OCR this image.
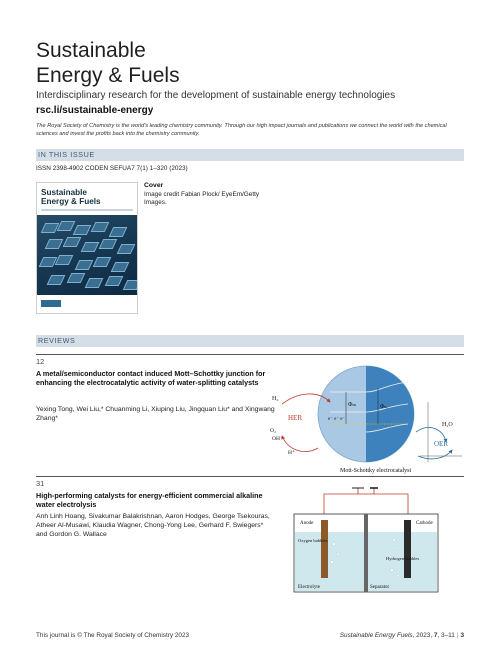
Sustainable
Energy & Fuels
Interdisciplinary research for the development of sustainable energy technologies
rsc.li/sustainable-energy
The Royal Society of Chemistry is the world's leading chemistry community. Through our high impact journals and publications we connect the world with the chemical sciences and invest the profits back into the chemistry community.
IN THIS ISSUE
ISSN 2398-4902 CODEN SEFUA7 7(1) 1–320 (2023)
Sustainable
Energy & Fuels
Cover
Image credit Fabian Plock/ EyeEm/Getty Images.
REVIEWS
12
A metal/semiconductor contact induced Mott–Schottky junction for enhancing the electrocatalytic activity of water-splitting catalysts
Yexing Tong, Wei Liu,* Chuanming Li, Xiuping Liu, Jingquan Liu* and Xingwang Zhang*
Φₘ	Φₛ꜀
e⁻ e⁻ e⁻
H₂
HER
H⁺
O₂
OH⁻
H₂O
OER
Mott-Schottky electrocatalyst
31
High-performing catalysts for energy-efficient commercial alkaline water electrolysis
Anh Linh Hoang, Sivakumar Balakrishnan, Aaron Hodges, George Tsekouras, Atheer Al-Musawi, Klaudia Wagner, Chong-Yong Lee, Gerhard F. Swiegers* and Gordon G. Wallace
Anode	Cathode
Oxygen bubbles
Hydrogen bubbles
Electrolyte	Separator
This journal is © The Royal Society of Chemistry 2023	Sustainable Energy Fuels, 2023, 7, 3–11 | 3
